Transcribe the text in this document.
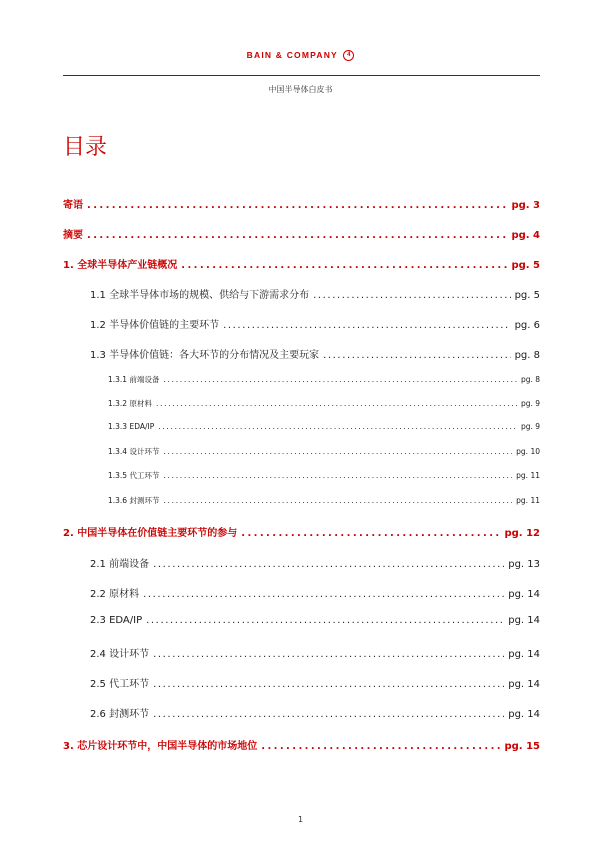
BAIN & COMPANY 4
中国半导体白皮书
目录
寄语 .....	pg. 3
摘要 .....	pg. 4
1. 全球半导体产业链概况 .....	pg. 5
1.1 全球半导体市场的规模、供给与下游需求分布 .....	pg. 5
1.2 半导体价值链的主要环节 .....	pg. 6
1.3 半导体价值链：各大环节的分布情况及主要玩家 .....	pg. 8
1.3.1 前端设备 .....	pg. 8
1.3.2 原材料 .....	pg. 9
1.3.3 EDA/IP .....	pg. 9
1.3.4 设计环节 .....	pg. 10
1.3.5 代工环节 .....	pg. 11
1.3.6 封测环节 .....	pg. 11
2. 中国半导体在价值链主要环节的参与 .....	pg. 12
2.1 前端设备 .....	pg. 13
2.2 原材料 .....	pg. 14
2.3 EDA/IP .....	pg. 14
2.4 设计环节 .....	pg. 14
2.5 代工环节 .....	pg. 14
2.6 封测环节 .....	pg. 14
3. 芯片设计环节中，中国半导体的市场地位 .....	pg. 15
1
